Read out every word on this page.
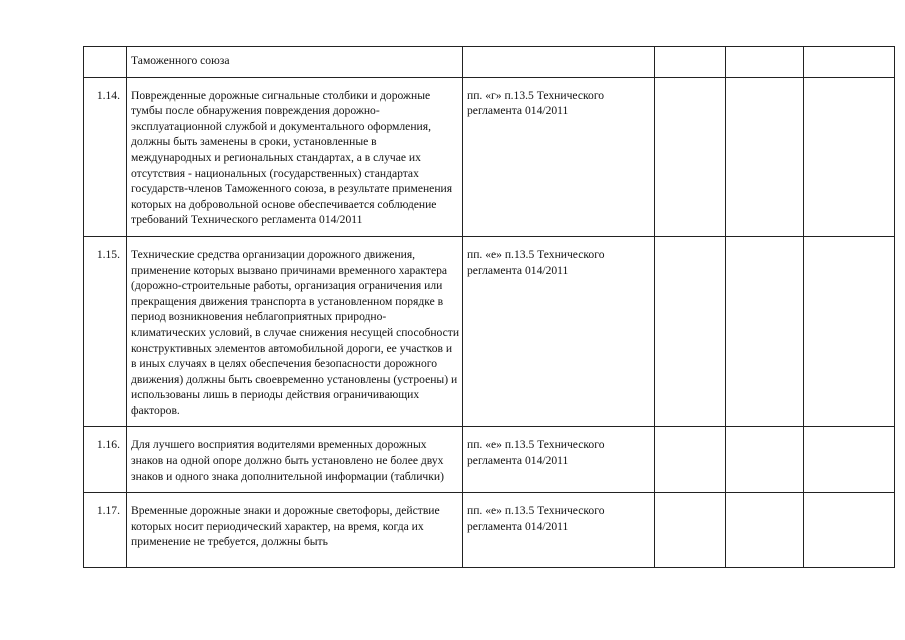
	Таможенного союза				

1.14.	Поврежденные дорожные сигнальные столбики и дорожные тумбы после обнаружения повреждения дорожно-эксплуатационной службой и документального оформления, должны быть заменены в сроки, установленные в международных и региональных стандартах, а в случае их отсутствия - национальных (государственных) стандартах государств-членов Таможенного союза, в результате применения которых на добровольной основе обеспечивается соблюдение требований Технического регламента 014/2011	пп. «г» п.13.5 Технического регламента 014/2011			

1.15.	Технические средства организации дорожного движения, применение которых вызвано причинами временного характера (дорожно-строительные работы, организация ограничения или прекращения движения транспорта в установленном порядке в период возникновения неблагоприятных природно-климатических условий, в случае снижения несущей способности конструктивных элементов автомобильной дороги, ее участков и в иных случаях в целях обеспечения безопасности дорожного движения) должны быть своевременно установлены (устроены) и использованы лишь в периоды действия ограничивающих факторов.	пп. «е» п.13.5 Технического регламента 014/2011			

1.16.	Для лучшего восприятия водителями временных дорожных знаков на одной опоре должно быть установлено не более двух знаков и одного знака дополнительной информации (таблички)	пп. «е» п.13.5 Технического регламента 014/2011			

1.17.	Временные дорожные знаки и дорожные светофоры, действие которых носит периодический характер, на время, когда их применение не требуется, должны быть	пп. «е» п.13.5 Технического регламента 014/2011			
